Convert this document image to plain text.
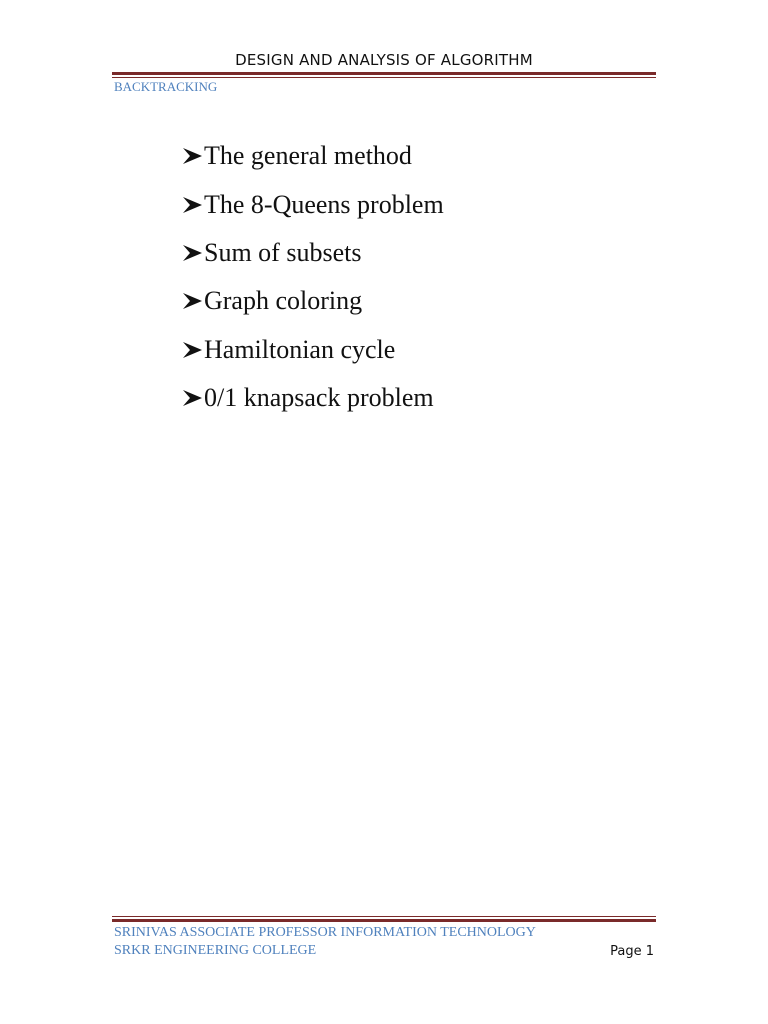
DESIGN AND ANALYSIS OF ALGORITHM
BACKTRACKING
The general method
The 8-Queens problem
Sum of subsets
Graph coloring
Hamiltonian cycle
0/1 knapsack problem
SRINIVAS ASSOCIATE PROFESSOR INFORMATION TECHNOLOGY
SRKR ENGINEERING COLLEGE	Page 1
